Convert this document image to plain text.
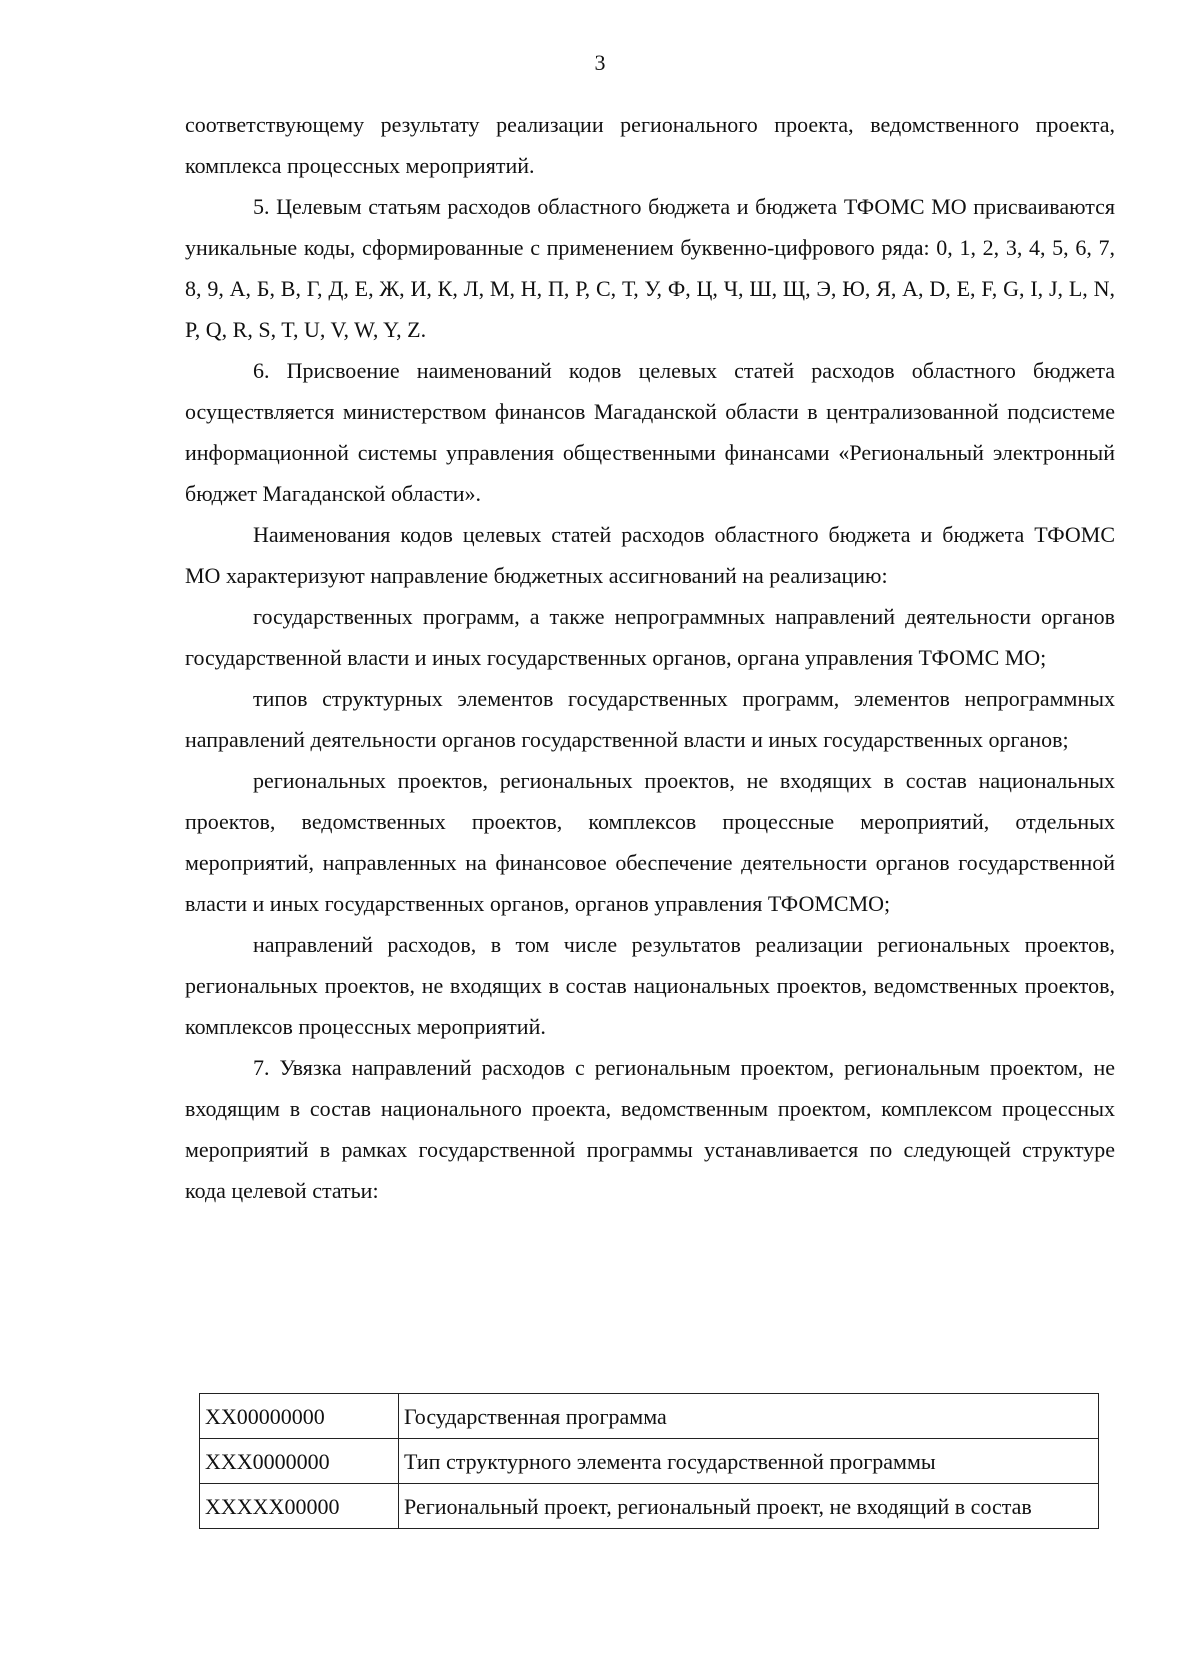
3

соответствующему результату реализации регионального проекта, ведомственного проекта, комплекса процессных мероприятий.

5. Целевым статьям расходов областного бюджета и бюджета ТФОМС МО присваиваются уникальные коды, сформированные с применением буквенно-цифрового ряда: 0, 1, 2, 3, 4, 5, 6, 7, 8, 9, А, Б, В, Г, Д, Е, Ж, И, К, Л, М, Н, П, Р, С, Т, У, Ф, Ц, Ч, Ш, Щ, Э, Ю, Я, A, D, E, F, G, I, J, L, N, P, Q, R, S, T, U, V, W, Y, Z.

6. Присвоение наименований кодов целевых статей расходов областного бюджета осуществляется министерством финансов Магаданской области в централизованной подсистеме информационной системы управления общественными финансами «Региональный электронный бюджет Магаданской области».

Наименования кодов целевых статей расходов областного бюджета и бюджета ТФОМС МО характеризуют направление бюджетных ассигнований на реализацию:

государственных программ, а также непрограммных направлений деятельности органов государственной власти и иных государственных органов, органа управления ТФОМС МО;

типов структурных элементов государственных программ, элементов непрограммных направлений деятельности органов государственной власти и иных государственных органов;

региональных проектов, региональных проектов, не входящих в состав национальных проектов, ведомственных проектов, комплексов процессные мероприятий, отдельных мероприятий, направленных на финансовое обеспечение деятельности органов государственной власти и иных государственных органов, органов управления ТФОМСМО;

направлений расходов, в том числе результатов реализации региональных проектов, региональных проектов, не входящих в состав национальных проектов, ведомственных проектов, комплексов процессных мероприятий.

7. Увязка направлений расходов с региональным проектом, региональным проектом, не входящим в состав национального проекта, ведомственным проектом, комплексом процессных мероприятий в рамках государственной программы устанавливается по следующей структуре кода целевой статьи:

XX00000000	Государственная программа
XXX0000000	Тип структурного элемента государственной программы
XXXXX00000	Региональный проект, региональный проект, не входящий в состав
